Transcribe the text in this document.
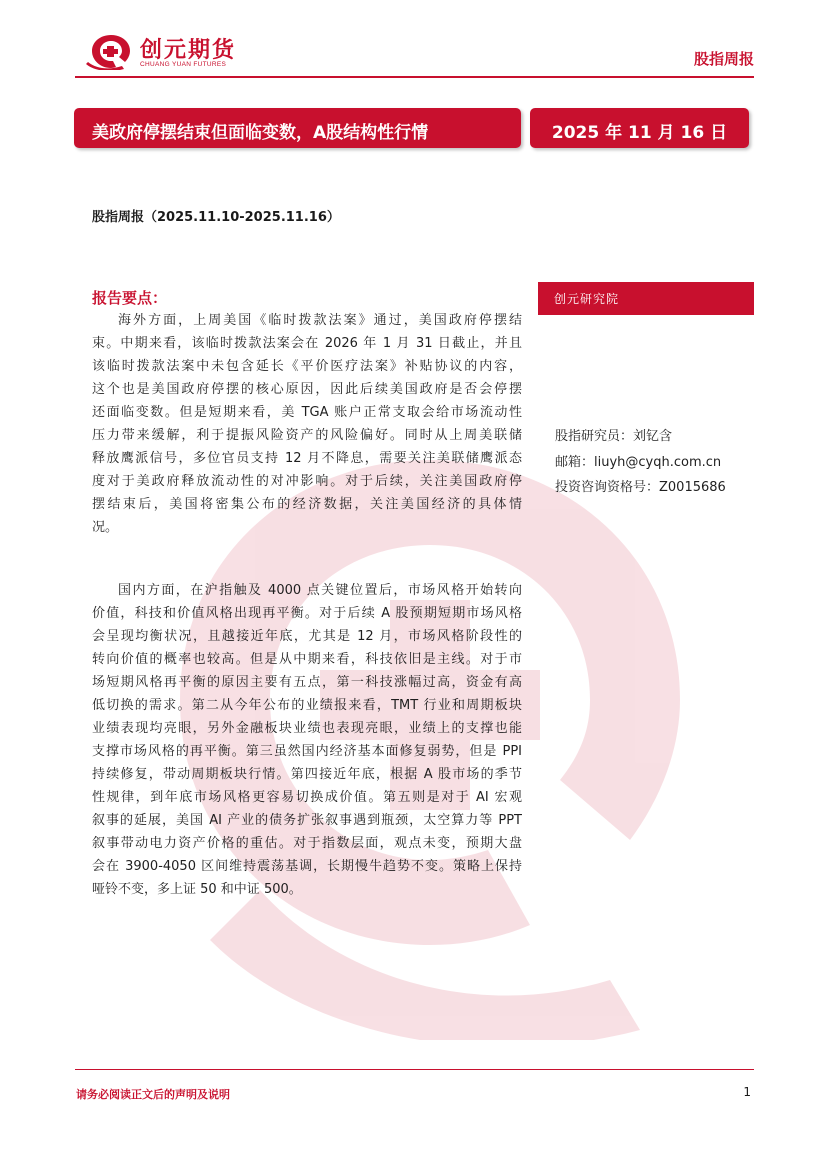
创元期货
CHUANG YUAN FUTURES	股指周报
美政府停摆结束但面临变数，A股结构性行情	2025 年 11 月 16 日
股指周报（2025.11.10-2025.11.16）
报告要点：
海外方面，上周美国《临时拨款法案》通过，美国政府停摆结
束。中期来看，该临时拨款法案会在 2026 年 1 月 31 日截止，并且
该临时拨款法案中未包含延长《平价医疗法案》补贴协议的内容，
这个也是美国政府停摆的核心原因，因此后续美国政府是否会停摆
还面临变数。但是短期来看，美 TGA 账户正常支取会给市场流动性
压力带来缓解，利于提振风险资产的风险偏好。同时从上周美联储
释放鹰派信号，多位官员支持 12 月不降息，需要关注美联储鹰派态
度对于美政府释放流动性的对冲影响。对于后续，关注美国政府停
摆结束后，美国将密集公布的经济数据，关注美国经济的具体情
况。
国内方面，在沪指触及 4000 点关键位置后，市场风格开始转向
价值，科技和价值风格出现再平衡。对于后续 A 股预期短期市场风格
会呈现均衡状况，且越接近年底，尤其是 12 月，市场风格阶段性的
转向价值的概率也较高。但是从中期来看，科技依旧是主线。对于市
场短期风格再平衡的原因主要有五点，第一科技涨幅过高，资金有高
低切换的需求。第二从今年公布的业绩报来看，TMT 行业和周期板块
业绩表现均亮眼，另外金融板块业绩也表现亮眼，业绩上的支撑也能
支撑市场风格的再平衡。第三虽然国内经济基本面修复弱势，但是 PPI
持续修复，带动周期板块行情。第四接近年底，根据 A 股市场的季节
性规律，到年底市场风格更容易切换成价值。第五则是对于 AI 宏观
叙事的延展，美国 AI 产业的债务扩张叙事遇到瓶颈，太空算力等 PPT
叙事带动电力资产价格的重估。对于指数层面，观点未变，预期大盘
会在 3900-4050 区间维持震荡基调，长期慢牛趋势不变。策略上保持
哑铃不变，多上证 50 和中证 500。
创元研究院
股指研究员：刘钇含
邮箱：liuyh@cyqh.com.cn
投资咨询资格号：Z0015686
请务必阅读正文后的声明及说明	1
